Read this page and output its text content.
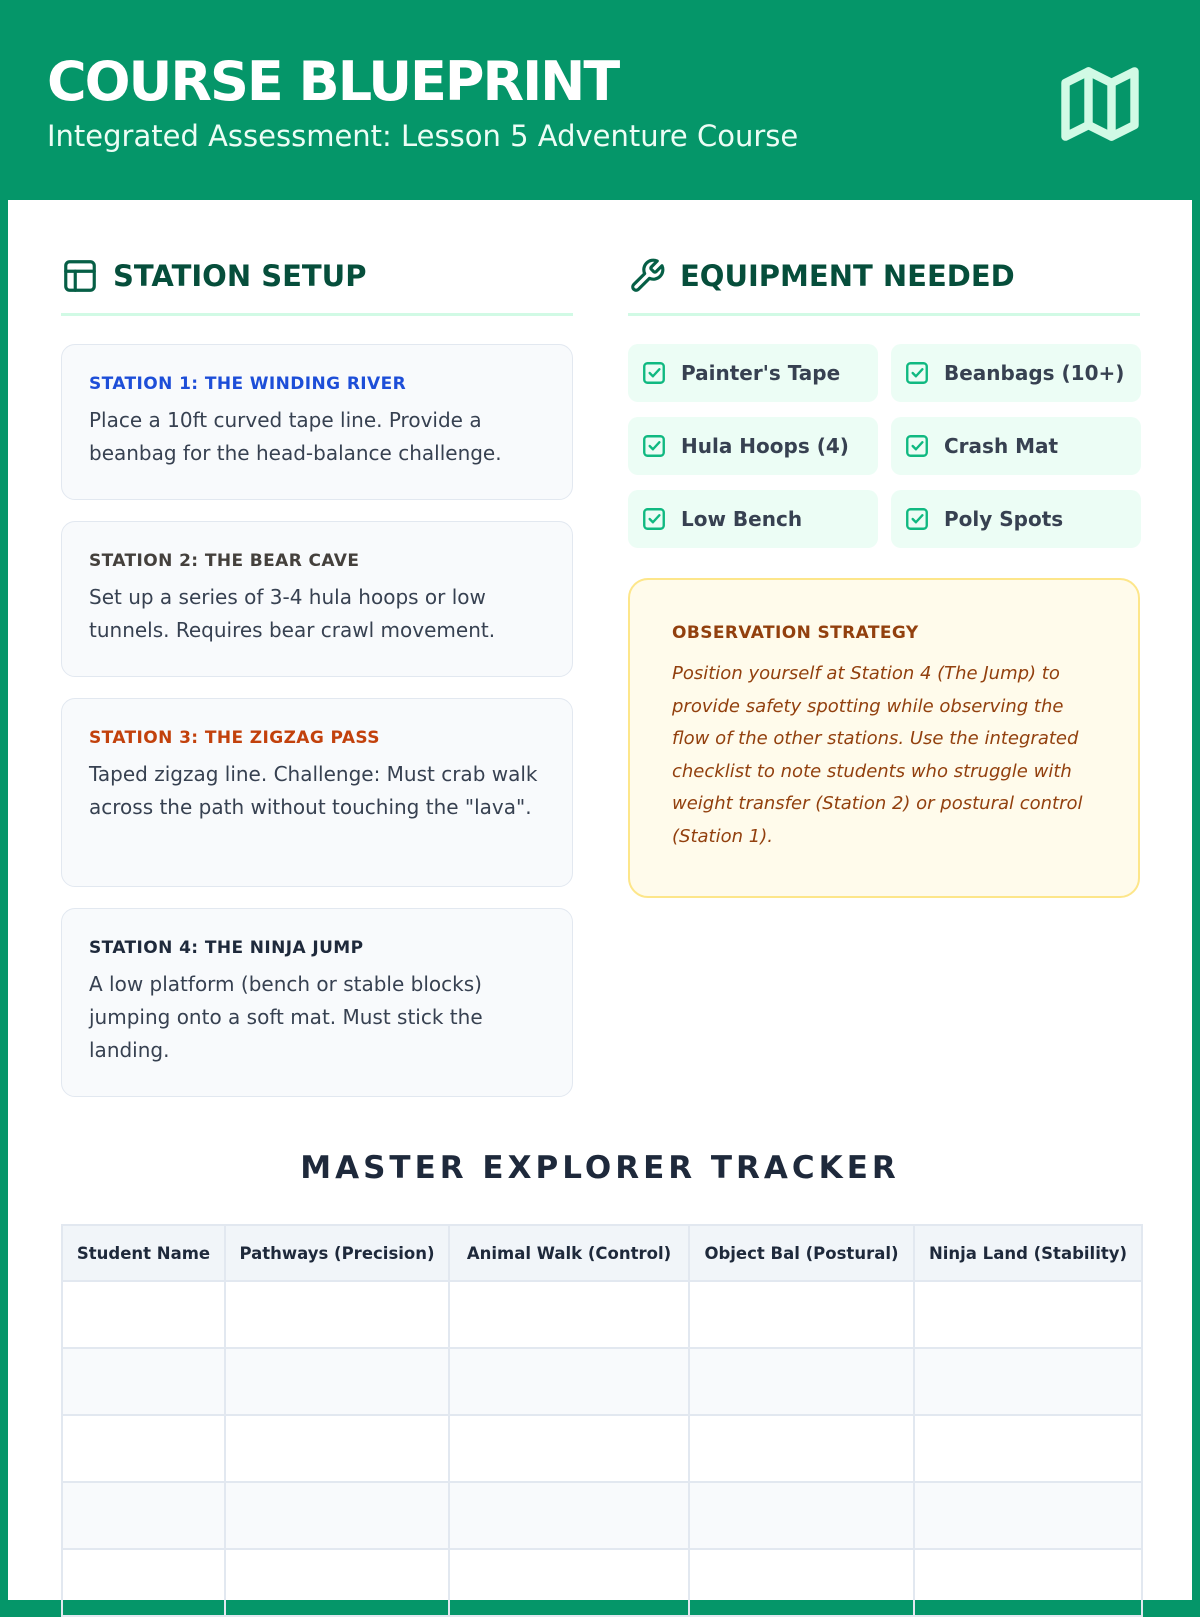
COURSE BLUEPRINT
Integrated Assessment: Lesson 5 Adventure Course
STATION SETUP
STATION 1: THE WINDING RIVER
Place a 10ft curved tape line. Provide a beanbag for the head-balance challenge.
STATION 2: THE BEAR CAVE
Set up a series of 3-4 hula hoops or low tunnels. Requires bear crawl movement.
STATION 3: THE ZIGZAG PASS
Taped zigzag line. Challenge: Must crab walk across the path without touching the "lava".
STATION 4: THE NINJA JUMP
A low platform (bench or stable blocks) jumping onto a soft mat. Must stick the landing.
EQUIPMENT NEEDED
Painter's Tape	Beanbags (10+)
Hula Hoops (4)	Crash Mat
Low Bench	Poly Spots
OBSERVATION STRATEGY
Position yourself at Station 4 (The Jump) to provide safety spotting while observing the flow of the other stations. Use the integrated checklist to note students who struggle with weight transfer (Station 2) or postural control (Station 1).
MASTER EXPLORER TRACKER
Student Name	Pathways (Precision)	Animal Walk (Control)	Object Bal (Postural)	Ninja Land (Stability)
